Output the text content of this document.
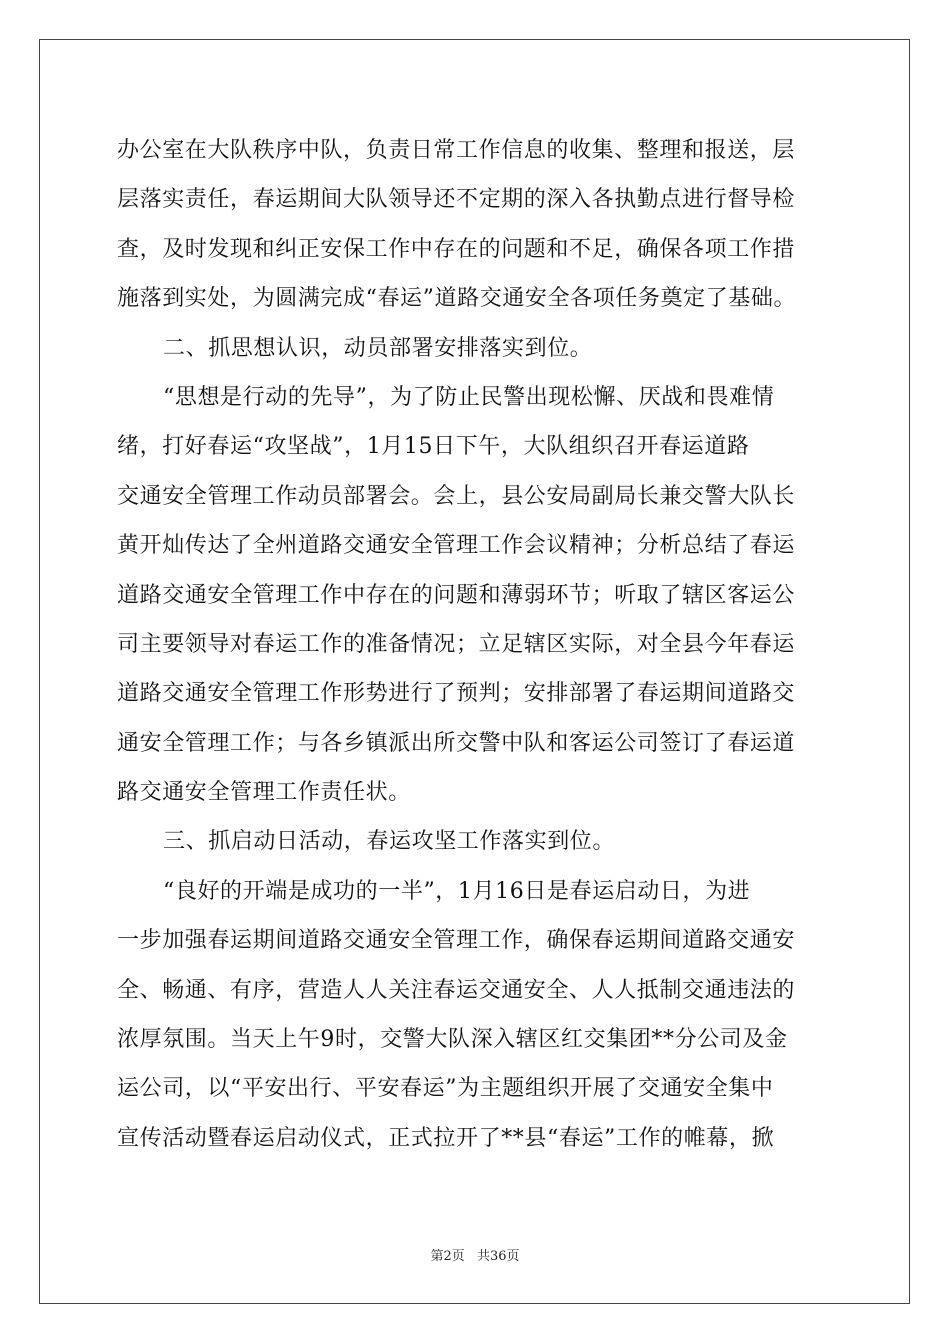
办公室在大队秩序中队，负责日常工作信息的收集、整理和报送，层
层落实责任，春运期间大队领导还不定期的深入各执勤点进行督导检
查，及时发现和纠正安保工作中存在的问题和不足，确保各项工作措
施落到实处，为圆满完成“春运”道路交通安全各项任务奠定了基础。
二、抓思想认识，动员部署安排落实到位。
“思想是行动的先导”，为了防止民警出现松懈、厌战和畏难情
绪，打好春运“攻坚战”，1月15日下午，大队组织召开春运道路
交通安全管理工作动员部署会。会上，县公安局副局长兼交警大队长
黄开灿传达了全州道路交通安全管理工作会议精神；分析总结了春运
道路交通安全管理工作中存在的问题和薄弱环节；听取了辖区客运公
司主要领导对春运工作的准备情况；立足辖区实际，对全县今年春运
道路交通安全管理工作形势进行了预判；安排部署了春运期间道路交
通安全管理工作；与各乡镇派出所交警中队和客运公司签订了春运道
路交通安全管理工作责任状。
三、抓启动日活动，春运攻坚工作落实到位。
“良好的开端是成功的一半”，1月16日是春运启动日，为进
一步加强春运期间道路交通安全管理工作，确保春运期间道路交通安
全、畅通、有序，营造人人关注春运交通安全、人人抵制交通违法的
浓厚氛围。当天上午9时，交警大队深入辖区红交集团**分公司及金
运公司，以“平安出行、平安春运”为主题组织开展了交通安全集中
宣传活动暨春运启动仪式，正式拉开了**县“春运”工作的帷幕，掀
第2页 共36页
